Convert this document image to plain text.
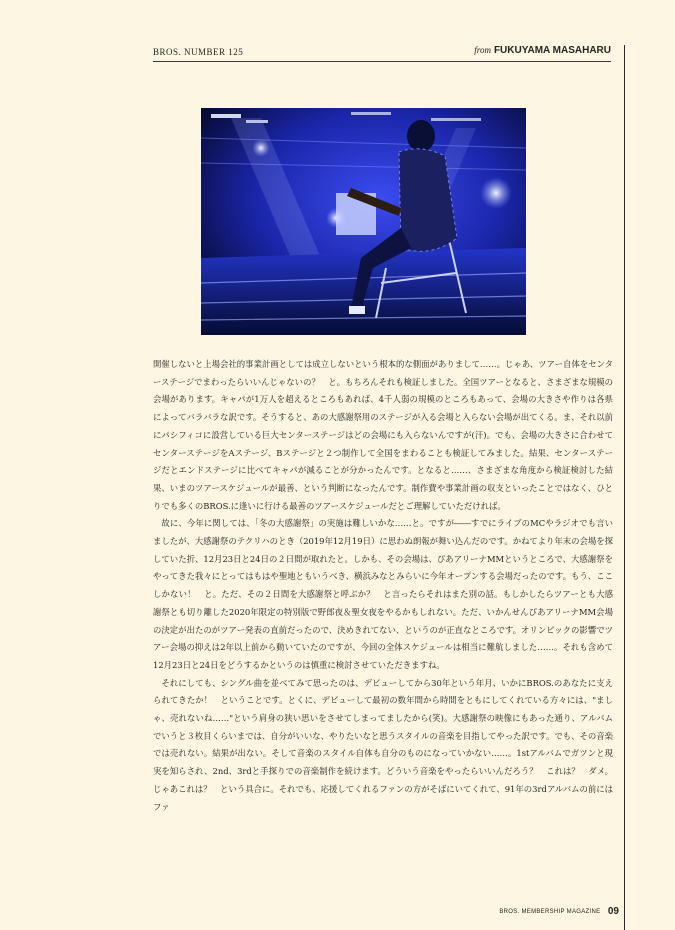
BROS. NUMBER 125	from FUKUYAMA MASAHARU

開催しないと上場会社的事業計画としては成立しないという根本的な側面がありまして……。じゃあ、ツアー自体をセンターステージでまわったらいいんじゃないの？　と。もちろんそれも検証しました。全国ツアーとなると、さまざまな規模の会場があります。キャパが1万人を超えるところもあれば、4千人弱の規模のところもあって、会場の大きさや作りは各県によってバラバラな訳です。そうすると、あの大感謝祭用のステージが入る会場と入らない会場が出てくる。ま、それ以前にパシフィコに設営している巨大センターステージはどの会場にも入らないんですが(汗)。でも、会場の大きさに合わせてセンターステージをAステージ、Bステージと２つ制作して全国をまわることも検証してみました。結果、センターステージだとエンドステージに比べてキャパが減ることが分かったんです。となると……、さまざまな角度から検証検討した結果、いまのツアースケジュールが最善、という判断になったんです。制作費や事業計画の収支といったことではなく、ひとりでも多くのBROS.に逢いに行ける最善のツアースケジュールだとご理解していただければ。

故に、今年に関しては、「冬の大感謝祭」の実施は難しいかな……と。ですが――すでにライブのMCやラジオでも言いましたが、大感謝祭のテクリハのとき（2019年12月19日）に思わぬ朗報が舞い込んだのです。かねてより年末の会場を探していた折、12月23日と24日の２日間が取れたと。しかも、その会場は、ぴあアリーナMMというところで、大感謝祭をやってきた我々にとってはもはや聖地ともいうべき、横浜みなとみらいに今年オープンする会場だったのです。もう、ここしかない！　と。ただ、その２日間を大感謝祭と呼ぶか？　と言ったらそれはまた別の話。もしかしたらツアーとも大感謝祭とも切り離した2020年限定の特別版で野郎夜＆聖女夜をやるかもしれない。ただ、いかんせんぴあアリーナMM会場の決定が出たのがツアー発表の直前だったので、決めきれてない、というのが正直なところです。オリンピックの影響でツアー会場の抑えは2年以上前から動いていたのですが、今回の全体スケジュールは相当に難航しました……。それも含めて12月23日と24日をどうするかというのは慎重に検討させていただきますね。

それにしても、シングル曲を並べてみて思ったのは、デビューしてから30年という年月、いかにBROS.のあなたに支えられてきたか！　ということです。とくに、デビューして最初の数年間から時間をともにしてくれている方々には、"ましゃ、売れないね……"という肩身の狭い思いをさせてしまってましたから(笑)。大感謝祭の映像にもあった通り、アルバムでいうと３枚目くらいまでは、自分がいいな、やりたいなと思うスタイルの音楽を目指してやった訳です。でも、その音楽では売れない。結果が出ない。そして音楽のスタイル自体も自分のものになっていかない……。1stアルバムでガツンと現実を知らされ、2nd、3rdと手探りでの音楽制作を続けます。どういう音楽をやったらいいんだろう？　これは？　ダメ。じゃあこれは？　という具合に。それでも、応援してくれるファンの方がそばにいてくれて、91年の3rdアルバムの前にはファ

BROS. MEMBERSHIP MAGAZINE 09
